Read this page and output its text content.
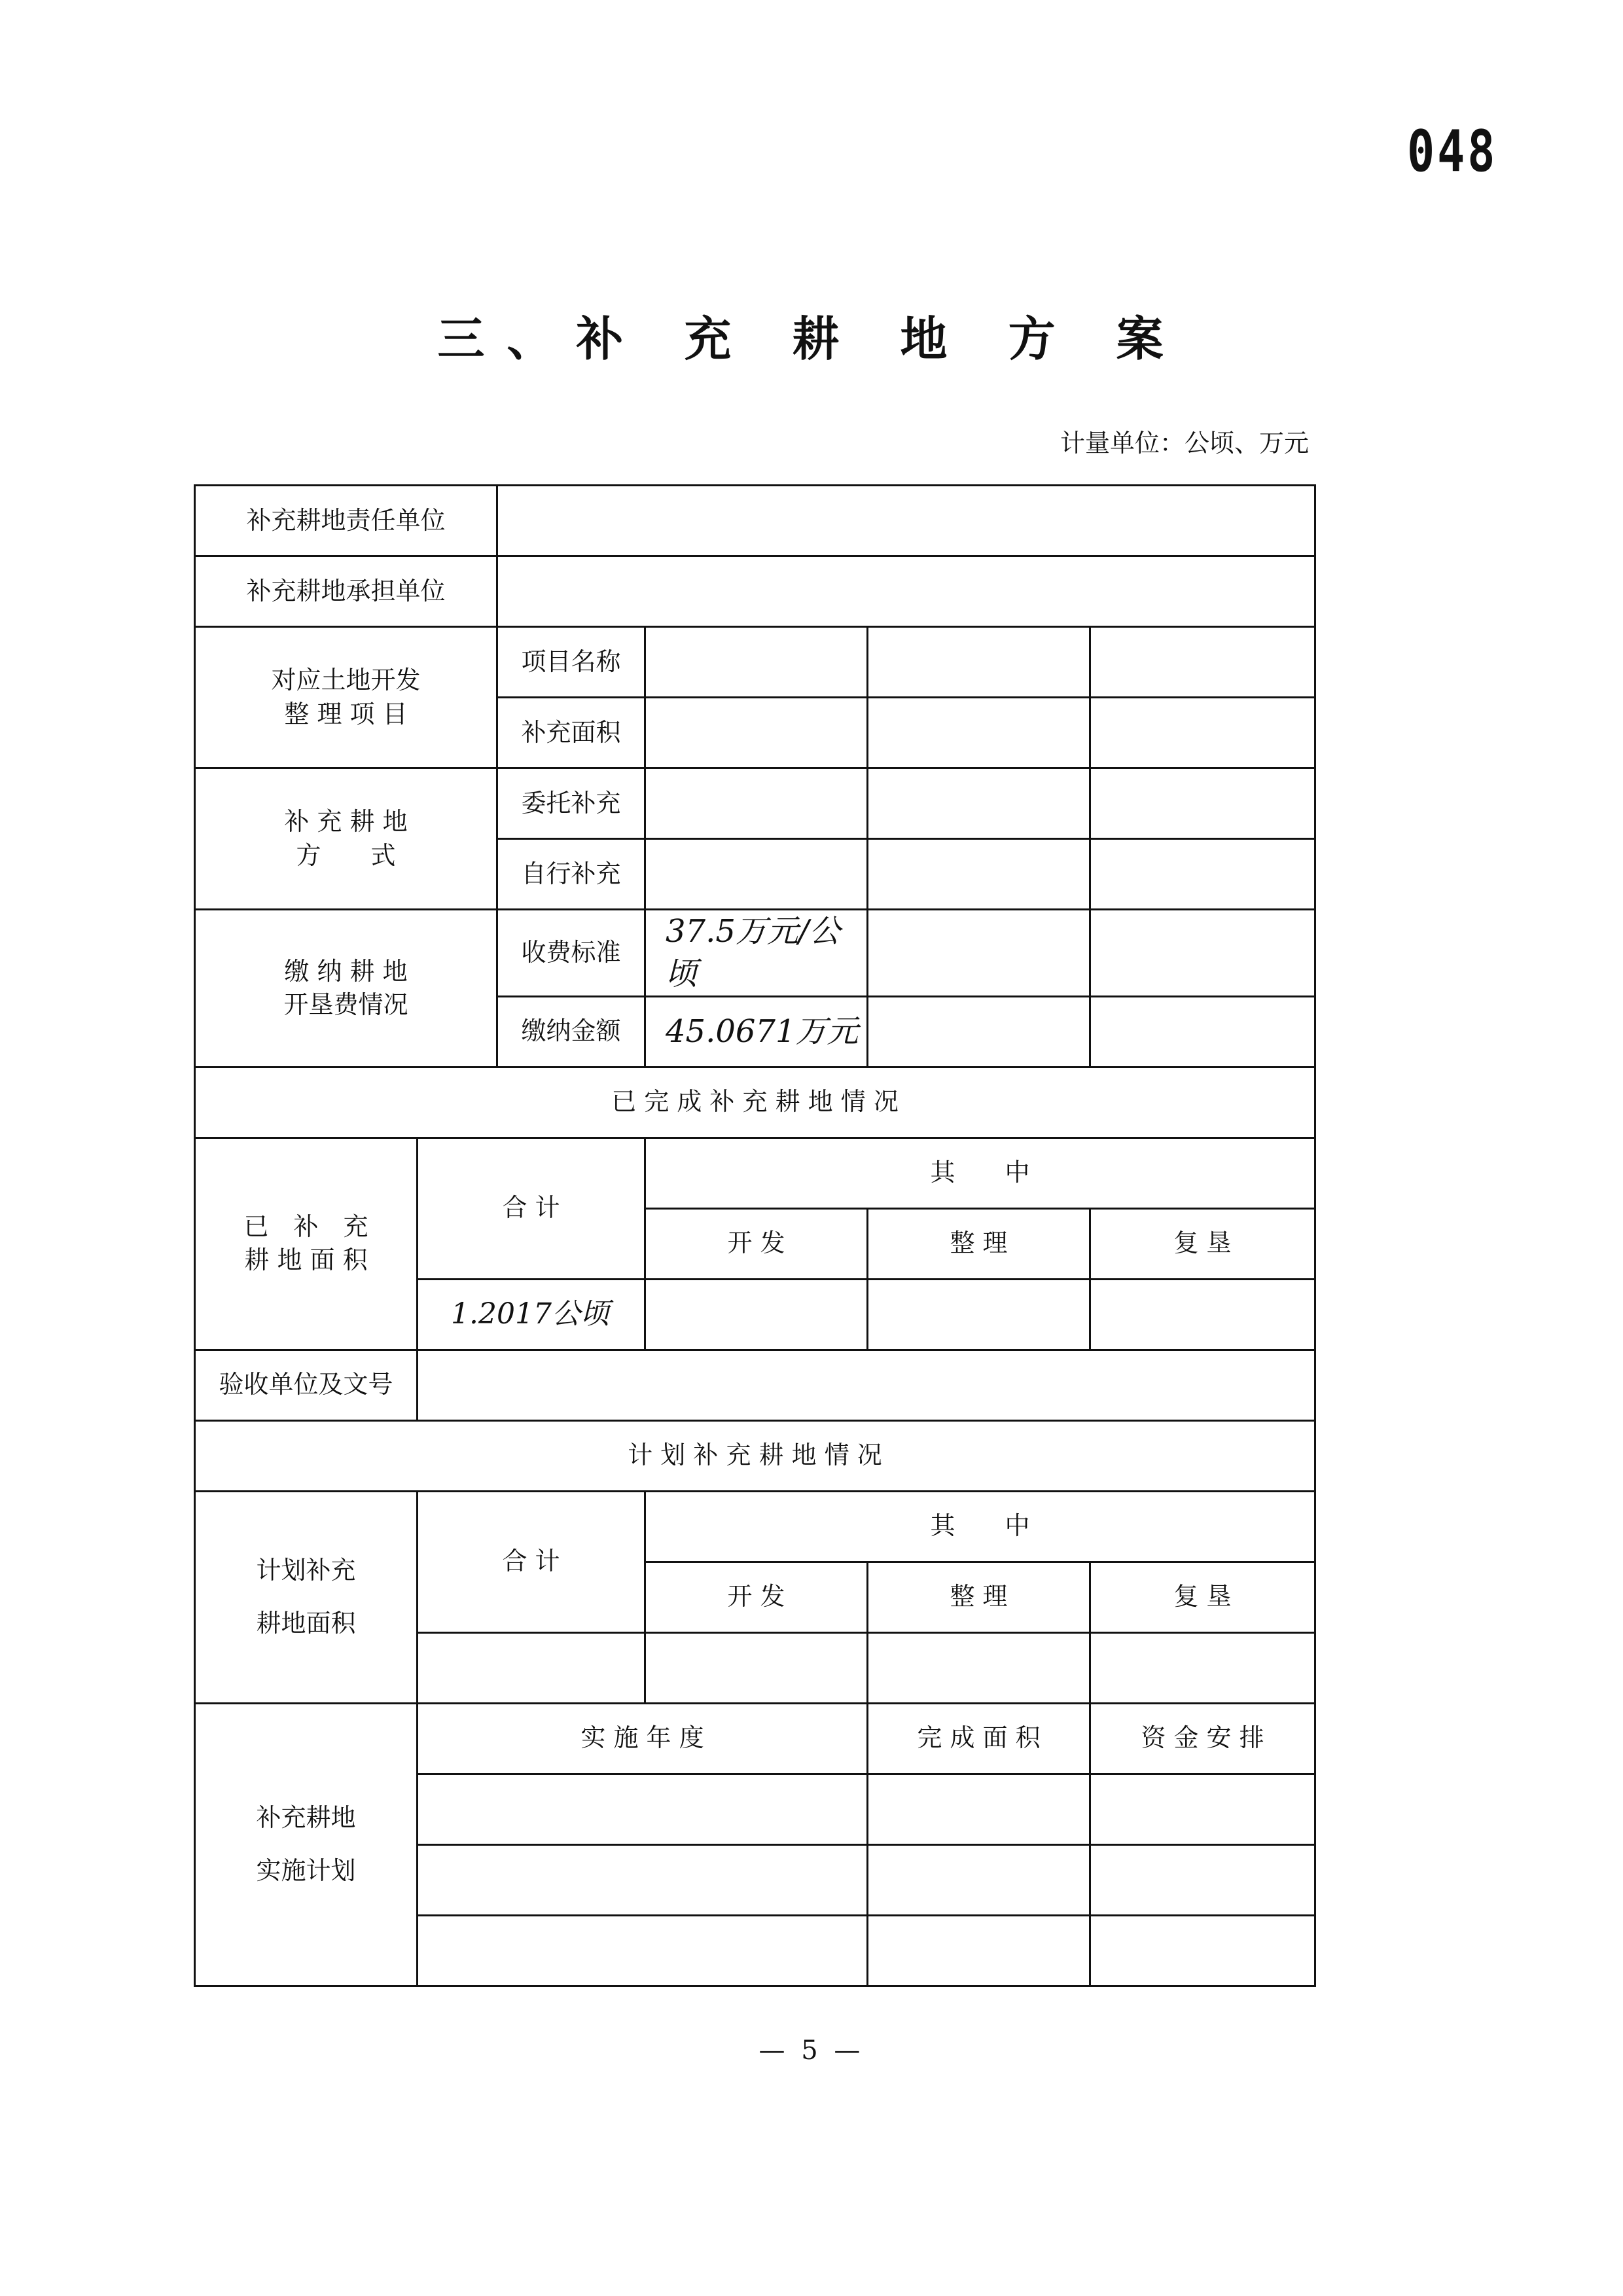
048
三、补 充 耕 地 方 案
计量单位：公顷、万元
补充耕地责任单位					
补充耕地承担单位					

对应土地开发
整 理 项 目		项目名称			
		补充面积			

补 充 耕 地
方　　式		委托补充			
		自行补充			

缴 纳 耕 地
开垦费情况		收费标准	37.5万元/公顷		
		缴纳金额	45.0671万元		
已 完 成 补 充 耕 地 情 况					

已　补　充
耕 地 面 积	合 计		其　　中		
			开 发	整 理	复 垦
	1.2017公顷				
验收单位及文号					
计 划 补 充 耕 地 情 况					

计划补充
耕地面积	合 计		其　　中		
			开 发	整 理	复 垦

补充耕地
实施计划	实 施 年 度			完 成 面 积	资 金 安 排

— 5 —
